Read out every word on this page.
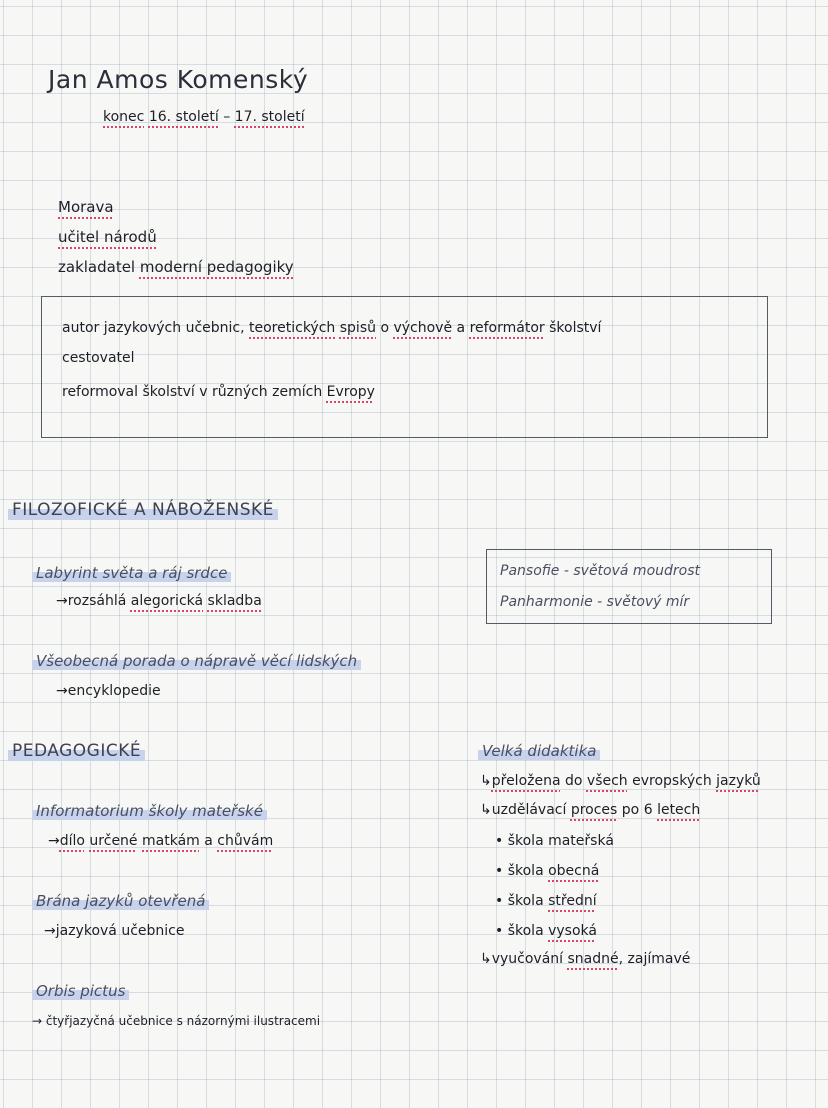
Jan Amos Komenský
konec 16. století – 17. století
Morava
učitel národů
zakladatel moderní pedagogiky
autor jazykových učebnic, teoretických spisů o výchově a reformátor školství
cestovatel
reformoval školství v různých zemích Evropy
FILOZOFICKÉ A NÁBOŽENSKÉ
Labyrint světa a ráj srdce
→rozsáhlá alegorická skladba
Všeobecná porada o nápravě věcí lidských
→encyklopedie
Pansofie - světová moudrost
Panharmonie - světový mír
PEDAGOGICKÉ
Informatorium školy mateřské
→dílo určené matkám a chůvám
Brána jazyků otevřená
→jazyková učebnice
Orbis pictus
→ čtyřjazyčná učebnice s názornými ilustracemi
Velká didaktika
↳přeložena do všech evropských jazyků
↳uzdělávací proces po 6 letech
• škola mateřská
• škola obecná
• škola střední
• škola vysoká
↳vyučování snadné, zajímavé
